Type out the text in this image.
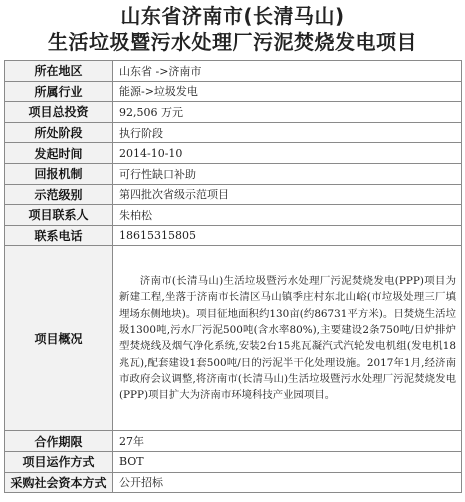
山东省济南市(长清马山)
生活垃圾暨污水处理厂污泥焚烧发电项目
所在地区	山东省 ->济南市
所属行业	能源->垃圾发电
项目总投资	92,506 万元
所处阶段	执行阶段
发起时间	2014-10-10
回报机制	可行性缺口补助
示范级别	第四批次省级示范项目
项目联系人	朱柏松
联系电话	18615315805
项目概况	济南市(长清马山)生活垃圾暨污水处理厂污泥焚烧发电(PPP)项目为新建工程,坐落于济南市长清区马山镇季庄村东北山峪(市垃圾处理三厂填埋场东侧地块)。项目征地面积约130亩(约86731平方米)。日焚烧生活垃圾1300吨,污水厂污泥500吨(含水率80%),主要建设2条750吨/日炉排炉型焚烧线及烟气净化系统,安装2台15兆瓦凝汽式汽轮发电机组(发电机18兆瓦),配套建设1套500吨/日的污泥半干化处理设施。2017年1月,经济南市政府会议调整,将济南市(长清马山)生活垃圾暨污水处理厂污泥焚烧发电(PPP)项目扩大为济南市环境科技产业园项目。
合作期限	27年
项目运作方式	BOT
采购社会资本方式	公开招标
